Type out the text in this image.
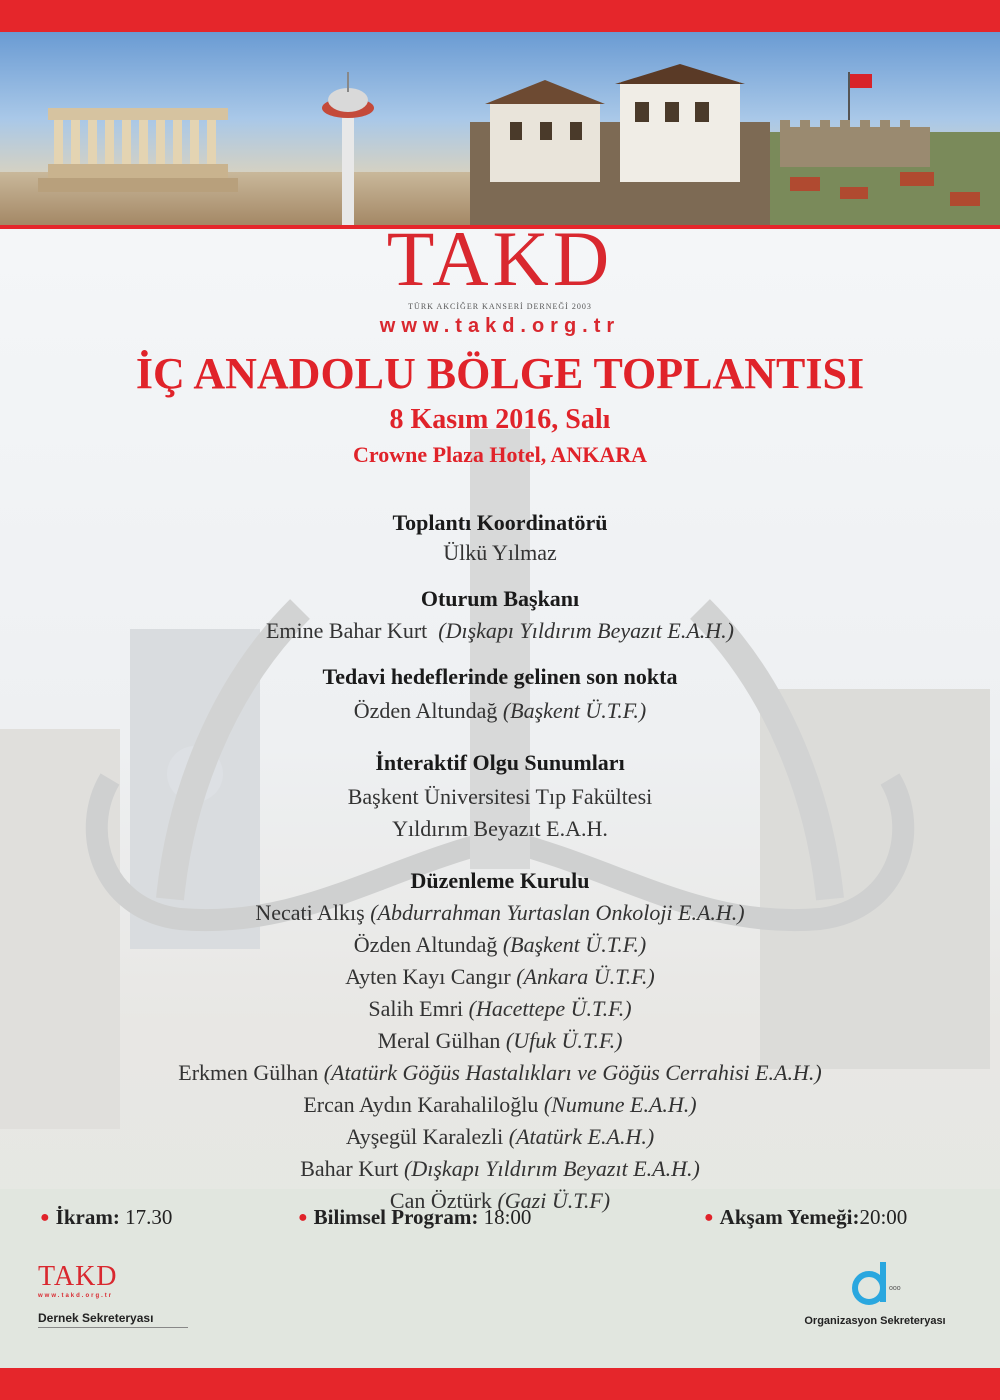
TAKD
TÜRK AKCİĞER KANSERİ DERNEĞİ 2003
www.takd.org.tr
İÇ ANADOLU BÖLGE TOPLANTISI
8 Kasım 2016, Salı
Crowne Plaza Hotel, ANKARA
Toplantı Koordinatörü
Ülkü Yılmaz
Oturum Başkanı
Emine Bahar Kurt (Dışkapı Yıldırım Beyazıt E.A.H.)
Tedavi hedeflerinde gelinen son nokta
Özden Altundağ (Başkent Ü.T.F.)
İnteraktif Olgu Sunumları
Başkent Üniversitesi Tıp Fakültesi
Yıldırım Beyazıt E.A.H.
Düzenleme Kurulu
Necati Alkış (Abdurrahman Yurtaslan Onkoloji E.A.H.)
Özden Altundağ (Başkent Ü.T.F.)
Ayten Kayı Cangır (Ankara Ü.T.F.)
Salih Emri (Hacettepe Ü.T.F.)
Meral Gülhan (Ufuk Ü.T.F.)
Erkmen Gülhan (Atatürk Göğüs Hastalıkları ve Göğüs Cerrahisi E.A.H.)
Ercan Aydın Karahaliloğlu (Numune E.A.H.)
Ayşegül Karalezli (Atatürk E.A.H.)
Bahar Kurt (Dışkapı Yıldırım Beyazıt E.A.H.)
Can Öztürk (Gazi Ü.T.F)
● İkram: 17.30	● Bilimsel Program: 18:00	● Akşam Yemeği:20:00
TAKD
www.takd.org.tr
Dernek Sekreteryası
ooo
Organizasyon Sekreteryası
